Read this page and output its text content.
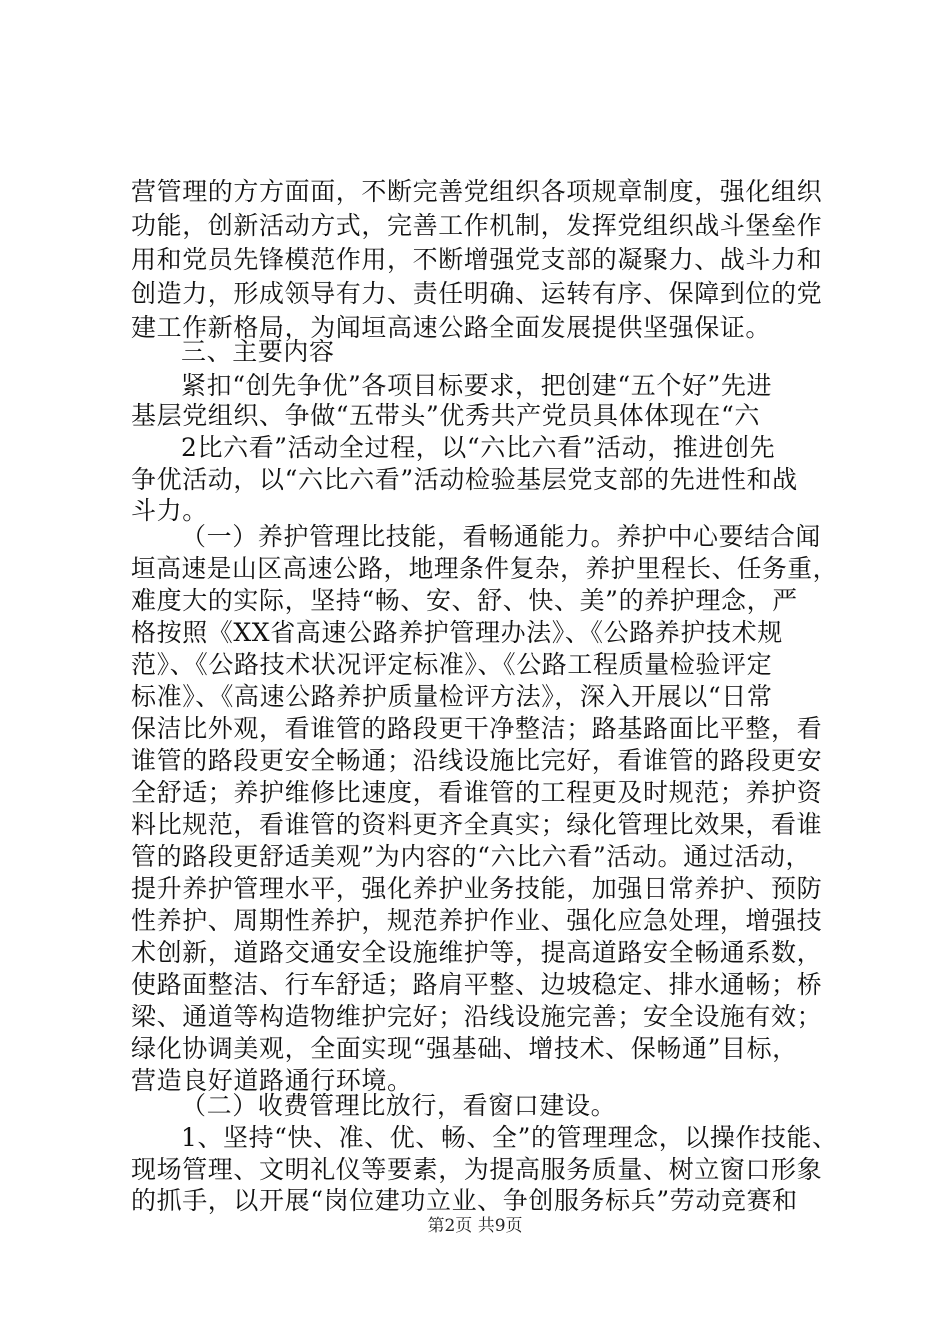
营管理的方方面面，不断完善党组织各项规章制度，强化组织
功能，创新活动方式，完善工作机制，发挥党组织战斗堡垒作
用和党员先锋模范作用，不断增强党支部的凝聚力、战斗力和
创造力，形成领导有力、责任明确、运转有序、保障到位的党
建工作新格局，为闻垣高速公路全面发展提供坚强保证。
三、主要内容
紧扣“创先争优”各项目标要求，把创建“五个好”先进
基层党组织、争做“五带头”优秀共产党员具体体现在“六
2比六看”活动全过程，以“六比六看”活动，推进创先
争优活动，以“六比六看”活动检验基层党支部的先进性和战
斗力。
（一）养护管理比技能，看畅通能力。养护中心要结合闻
垣高速是山区高速公路，地理条件复杂，养护里程长、任务重，
难度大的实际，坚持“畅、安、舒、快、美”的养护理念，严
格按照《XX省高速公路养护管理办法》、《公路养护技术规
范》、《公路技术状况评定标准》、《公路工程质量检验评定
标准》、《高速公路养护质量检评方法》，深入开展以“日常
保洁比外观，看谁管的路段更干净整洁；路基路面比平整，看
谁管的路段更安全畅通；沿线设施比完好，看谁管的路段更安
全舒适；养护维修比速度，看谁管的工程更及时规范；养护资
料比规范，看谁管的资料更齐全真实；绿化管理比效果，看谁
管的路段更舒适美观”为内容的“六比六看”活动。通过活动，
提升养护管理水平，强化养护业务技能，加强日常养护、预防
性养护、周期性养护，规范养护作业、强化应急处理，增强技
术创新，道路交通安全设施维护等，提高道路安全畅通系数，
使路面整洁、行车舒适；路肩平整、边坡稳定、排水通畅；桥
梁、通道等构造物维护完好；沿线设施完善；安全设施有效；
绿化协调美观，全面实现“强基础、增技术、保畅通”目标，
营造良好道路通行环境。
（二）收费管理比放行，看窗口建设。
1、坚持“快、准、优、畅、全”的管理理念，以操作技能、
现场管理、文明礼仪等要素，为提高服务质量、树立窗口形象
的抓手，以开展“岗位建功立业、争创服务标兵”劳动竞赛和
第2页 共9页
